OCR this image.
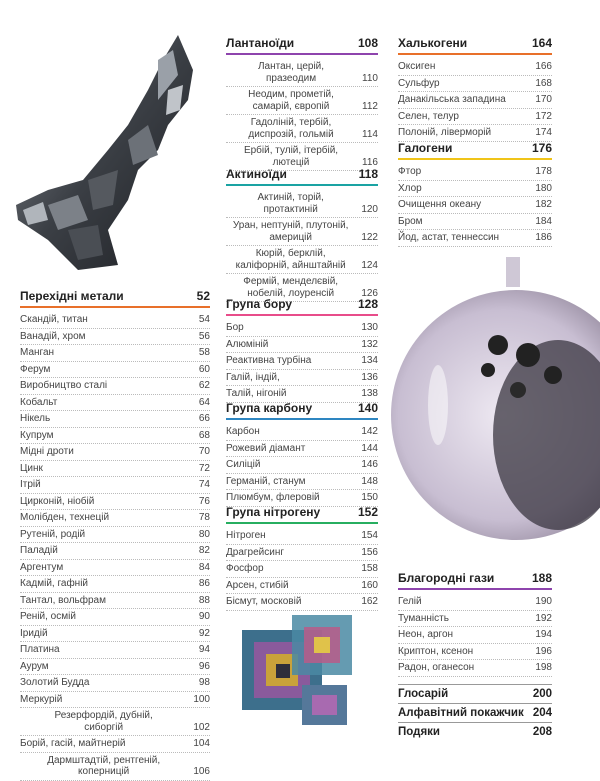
Перехідні метали	52
Скандій, титан	54
Ванадій, хром	56
Манган	58
Ферум	60
Виробництво сталі	62
Кобальт	64
Нікель	66
Купрум	68
Мідні дроти	70
Цинк	72
Ітрій	74
Цирконій, ніобій	76
Молібден, технецій	78
Рутеній, родій	80
Паладій	82
Аргентум	84
Кадмій, гафній	86
Тантал, вольфрам	88
Реній, осмій	90
Іридій	92
Платина	94
Аурум	96
Золотий Будда	98
Меркурій	100
Резерфордій, дубній,
сиборгій	102
Борій, гасій, майтнерій	104
Дармштадтій, рентгеній,
коперницій	106
Лантаноїди	108
Лантан, церій,
празеодим	110
Неодим, прометій,
самарій, європій	112
Гадоліній, тербій,
диспрозій, гольмій	114
Ербій, тулій, ітербій,
лютецій	116
Актиноїди	118
Актиній, торій,
протактиній	120
Уран, нептуній, плутоній,
америцій	122
Кюрій, берклій,
каліфорній, айнштайній	124
Фермій, менделєвій,
нобелій, лоуренсій	126
Група бору	128
Бор	130
Алюміній	132
Реактивна турбіна	134
Галій, індій,	136
Талій, нігоній	138
Група карбону	140
Карбон	142
Рожевий діамант	144
Силіцій	146
Германій, станум	148
Плюмбум, флеровій	150
Група нітрогену	152
Нітроген	154
Драгрейсинг	156
Фосфор	158
Арсен, стибій	160
Бісмут, московій	162
Халькогени	164
Оксиген	166
Сульфур	168
Данакільська западина	170
Селен, телур	172
Полоній, ліверморій	174
Галогени	176
Фтор	178
Хлор	180
Очищення океану	182
Бром	184
Йод, астат, теннессин	186
Благородні гази	188
Гелій	190
Туманність	192
Неон, аргон	194
Криптон, ксенон	196
Радон, оганесон	198
Глосарій	200
Алфавітний покажчик 204
Подяки	208
